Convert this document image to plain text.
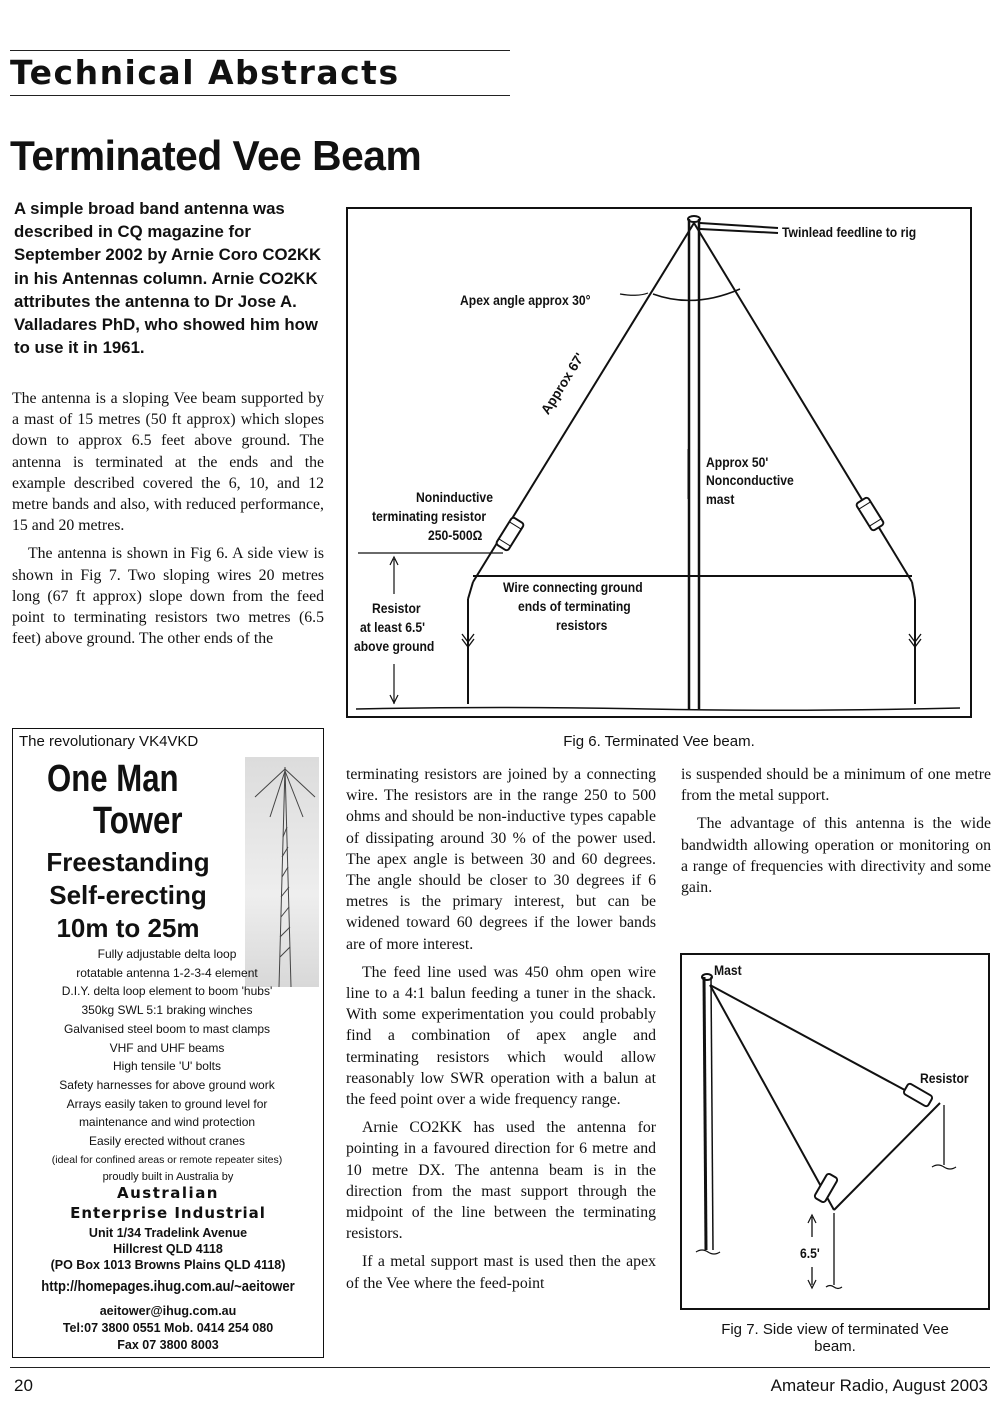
Technical Abstracts
Terminated Vee Beam
A simple broad band antenna was described in CQ magazine for September 2002 by Arnie Coro CO2KK in his Antennas column. Arnie CO2KK attributes the antenna to Dr Jose A. Valladares PhD, who showed him how to use it in 1961.

The antenna is a sloping Vee beam supported by a mast of 15 metres (50 ft approx) which slopes down to approx 6.5 feet above ground. The antenna is terminated at the ends and the example described covered the 6, 10, and 12 metre bands and also, with reduced performance, 15 and 20 metres.

The antenna is shown in Fig 6. A side view is shown in Fig 7. Two sloping wires 20 metres long (67 ft approx) slope down from the feed point to terminating resistors two metres (6.5 feet) above ground. The other ends of the

Twinlead feedline to rig
Apex angle approx 30°
Approx 67'
Approx 50'
Nonconductive
mast
Noninductive
terminating resistor
250-500Ω
Wire connecting ground
ends of terminating
resistors
Resistor
at least 6.5'
above ground
Fig 6. Terminated Vee beam.

terminating resistors are joined by a connecting wire. The resistors are in the range 250 to 500 ohms and should be non-inductive types capable of dissipating around 30 % of the power used. The apex angle is between 30 and 60 degrees. The angle should be closer to 30 degrees if 6 metres is the primary interest, but can be widened toward 60 degrees if the lower bands are of more interest.

The feed line used was 450 ohm open wire line to a 4:1 balun feeding a tuner in the shack. With some experimentation you could probably find a combination of apex angle and terminating resistors which would allow reasonably low SWR operation with a balun at the feed point over a wide frequency range.

Arnie CO2KK has used the antenna for pointing in a favoured direction for 6 metre and 10 metre DX. The antenna beam is in the direction from the mast support through the midpoint of the line between the terminating resistors.

If a metal support mast is used then the apex of the Vee where the feed-point

is suspended should be a minimum of one metre from the metal support.

The advantage of this antenna is the wide bandwidth allowing operation or monitoring on a range of frequencies with directivity and some gain.

Mast
Resistor
6.5'
Fig 7. Side view of terminated Vee
beam.
The revolutionary VK4VKD
One Man
Tower
Freestanding
Self-erecting
10m to 25m
Fully adjustable delta loop
rotatable antenna 1-2-3-4 element
D.I.Y. delta loop element to boom 'hubs'
350kg SWL 5:1 braking winches
Galvanised steel boom to mast clamps
VHF and UHF beams
High tensile 'U' bolts
Safety harnesses for above ground work
Arrays easily taken to ground level for
maintenance and wind protection
Easily erected without cranes
(ideal for confined areas or remote repeater sites)
proudly built in Australia by
Australian
Enterprise Industrial
Unit 1/34 Tradelink Avenue
Hillcrest QLD 4118
(PO Box 1013 Browns Plains QLD 4118)
http://homepages.ihug.com.au/~aeitower
aeitower@ihug.com.au
Tel:07 3800 0551 Mob. 0414 254 080
Fax 07 3800 8003
20	Amateur Radio, August 2003
